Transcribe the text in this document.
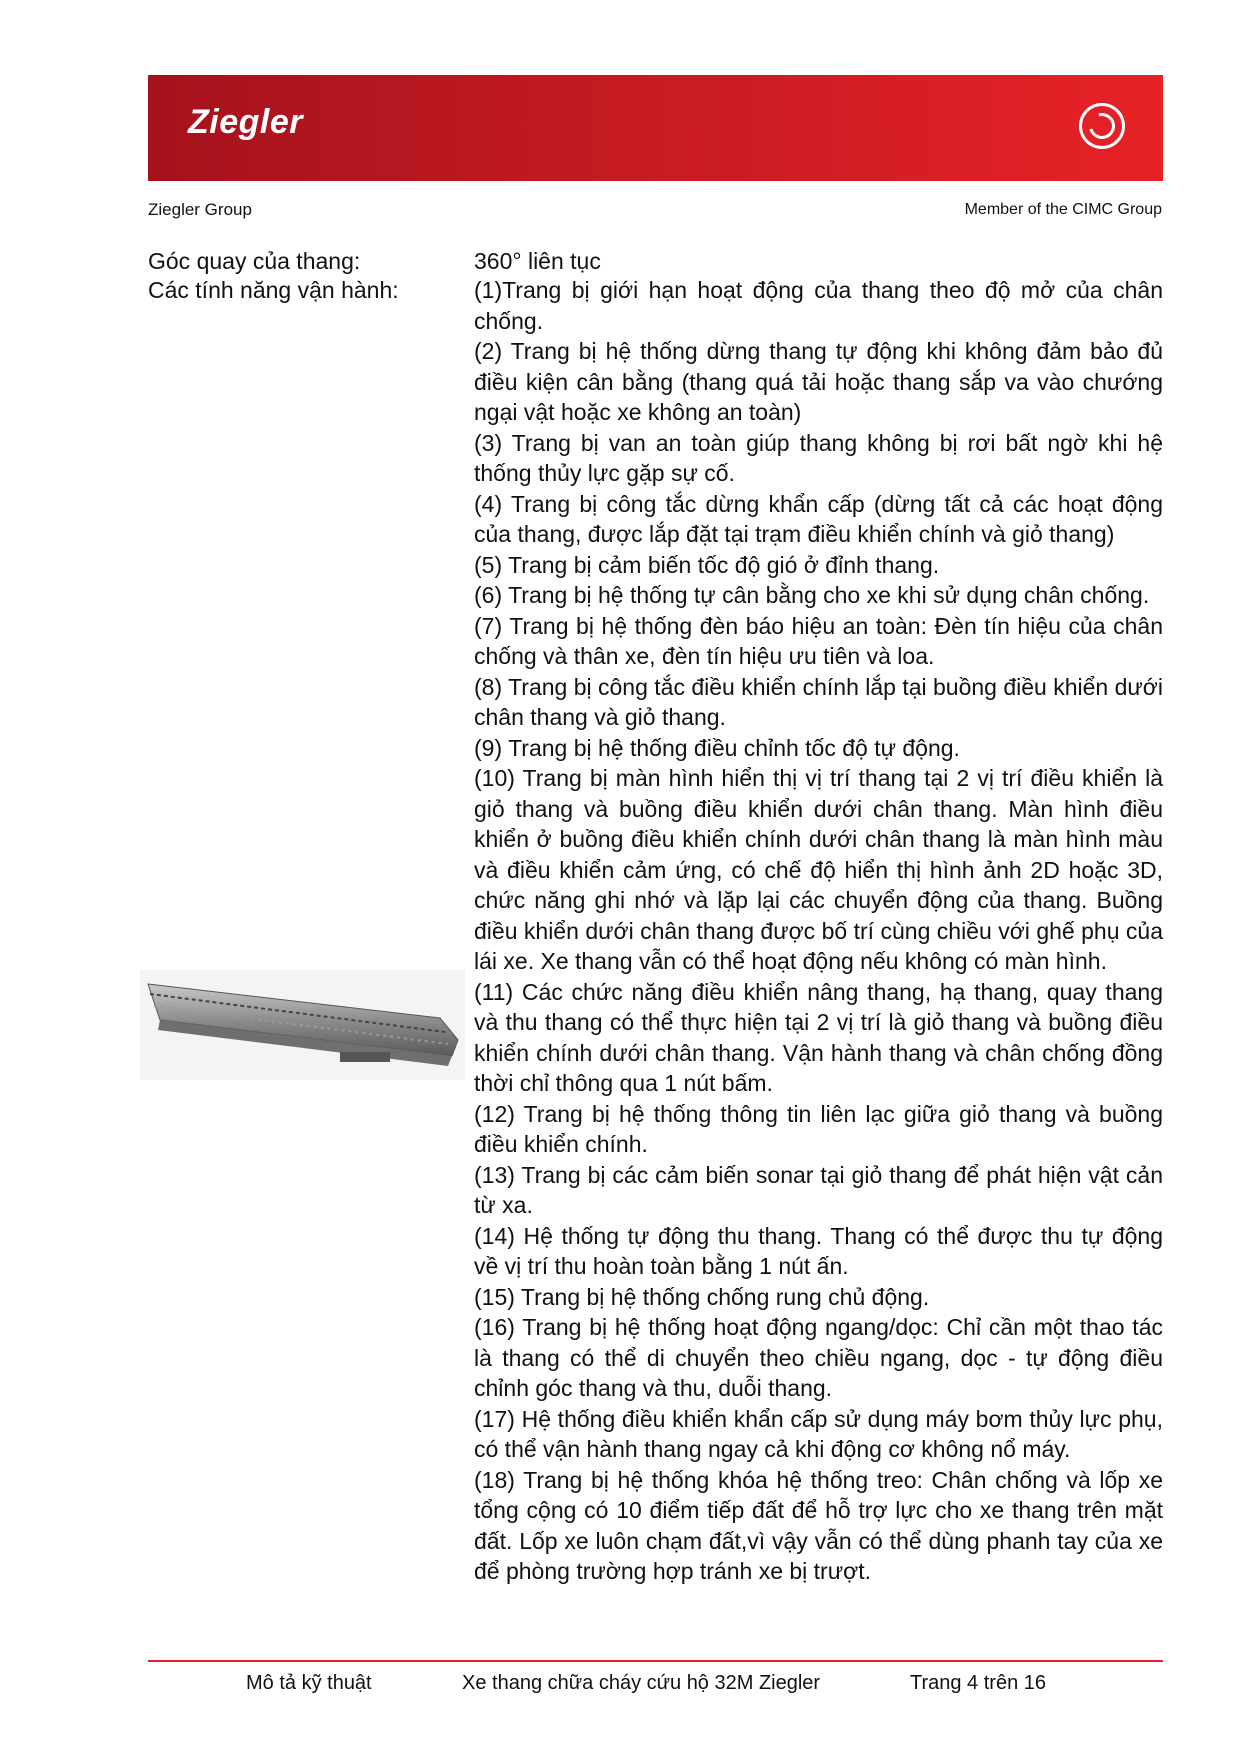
Ziegler
Ziegler Group	Member of the CIMC Group
Góc quay của thang:	360° liên tục
Các tính năng vận hành:	(1)Trang bị giới hạn hoạt động của thang theo độ mở của chân chống.

(2) Trang bị hệ thống dừng thang tự động khi không đảm bảo đủ điều kiện cân bằng (thang quá tải hoặc thang sắp va vào chướng ngại vật hoặc xe không an toàn)

(3) Trang bị van an toàn giúp thang không bị rơi bất ngờ khi hệ thống thủy lực gặp sự cố.

(4) Trang bị công tắc dừng khẩn cấp (dừng tất cả các hoạt động của thang, được lắp đặt tại trạm điều khiển chính và giỏ thang)

(5) Trang bị cảm biến tốc độ gió ở đỉnh thang.

(6) Trang bị hệ thống tự cân bằng cho xe khi sử dụng chân chống.

(7) Trang bị hệ thống đèn báo hiệu an toàn: Đèn tín hiệu của chân chống và thân xe, đèn tín hiệu ưu tiên và loa.

(8) Trang bị công tắc điều khiển chính lắp tại buồng điều khiển dưới chân thang và giỏ thang.

(9) Trang bị hệ thống điều chỉnh tốc độ tự động.

(10) Trang bị màn hình hiển thị vị trí thang tại 2 vị trí điều khiển là giỏ thang và buồng điều khiển dưới chân thang. Màn hình điều khiển ở buồng điều khiển chính dưới chân thang là màn hình màu và điều khiển cảm ứng, có chế độ hiển thị hình ảnh 2D hoặc 3D, chức năng ghi nhớ và lặp lại các chuyển động của thang. Buồng điều khiển dưới chân thang được bố trí cùng chiều với ghế phụ của lái xe. Xe thang vẫn có thể hoạt động nếu không có màn hình.

(11) Các chức năng điều khiển nâng thang, hạ thang, quay thang và thu thang có thể thực hiện tại 2 vị trí là giỏ thang và buồng điều khiển chính dưới chân thang. Vận hành thang và chân chống đồng thời chỉ thông qua 1 nút bấm.

(12) Trang bị hệ thống thông tin liên lạc giữa giỏ thang và buồng điều khiển chính.

(13) Trang bị các cảm biến sonar tại giỏ thang để phát hiện vật cản từ xa.

(14) Hệ thống tự động thu thang. Thang có thể được thu tự động về vị trí thu hoàn toàn bằng 1 nút ấn.

(15) Trang bị hệ thống chống rung chủ động.

(16) Trang bị hệ thống hoạt động ngang/dọc: Chỉ cần một thao tác là thang có thể di chuyển theo chiều ngang, dọc - tự động điều chỉnh góc thang và thu, duỗi thang.

(17) Hệ thống điều khiển khẩn cấp sử dụng máy bơm thủy lực phụ, có thể vận hành thang ngay cả khi động cơ không nổ máy.

(18) Trang bị hệ thống khóa hệ thống treo: Chân chống và lốp xe tổng cộng có 10 điểm tiếp đất để hỗ trợ lực cho xe thang trên mặt đất. Lốp xe luôn chạm đất,vì vậy vẫn có thể dùng phanh tay của xe để phòng trường hợp tránh xe bị trượt.

Mô tả kỹ thuật	Xe thang chữa cháy cứu hộ 32M Ziegler	Trang 4 trên 16
